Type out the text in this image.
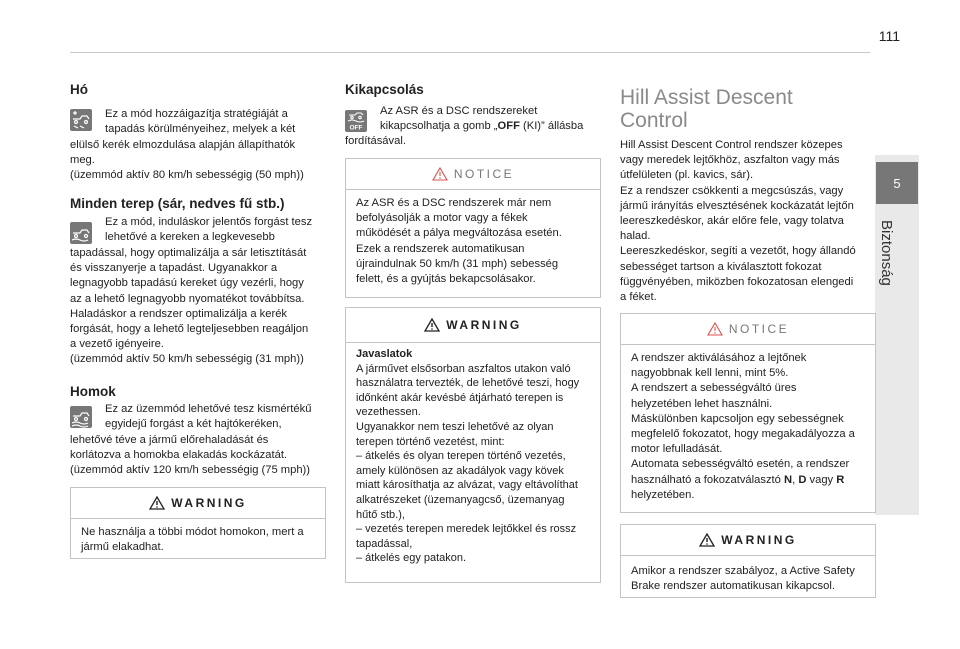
111
5
Biztonság
Hó

Ez a mód hozzáigazítja stratégiáját a

tapadás körülményeihez, melyek a két

elülső kerék elmozdulása alapján állapíthatók

meg.

(üzemmód aktív 80 km/h sebességig (50 mph))

Minden terep (sár, nedves fű stb.)

Ez a mód, induláskor jelentős forgást tesz

lehetővé a kereken a legkevesebb

tapadással, hogy optimalizálja a sár letisztítását

és visszanyerje a tapadást. Ugyanakkor a

legnagyobb tapadású kereket úgy vezérli, hogy

az a lehető legnagyobb nyomatékot továbbítsa.

Haladáskor a rendszer optimalizálja a kerék

forgását, hogy a lehető legteljesebben reagáljon

a vezető igényeire.

(üzemmód aktív 50 km/h sebességig (31 mph))

Homok

Ez az üzemmód lehetővé tesz kismértékű

egyidejű forgást a két hajtókeréken,

lehetővé téve a jármű előrehaladását és

korlátozva a homokba elakadás kockázatát.

(üzemmód aktív 120 km/h sebességig (75 mph))

WARNING

Ne használja a többi módot homokon, mert a

jármű elakadhat.

Kikapcsolás
OFF

Az ASR és a DSC rendszereket

kikapcsolhatja a gomb „OFF (KI)” állásba

fordításával.

NOTICE

Az ASR és a DSC rendszerek már nem

befolyásolják a motor vagy a fékek

működését a pálya megváltozása esetén.

Ezek a rendszerek automatikusan

újraindulnak 50 km/h (31 mph) sebesség

felett, és a gyújtás bekapcsolásakor.

WARNING

Javaslatok

A járművet elsősorban aszfaltos utakon való

használatra tervezték, de lehetővé teszi, hogy

időnként akár kevésbé átjárható terepen is

vezethessen.

Ugyanakkor nem teszi lehetővé az olyan

terepen történő vezetést, mint:

– átkelés és olyan terepen történő vezetés,

amely különösen az akadályok vagy kövek

miatt károsíthatja az alvázat, vagy eltávolíthat

alkatrészeket (üzemanyagcső, üzemanyag

hűtő stb.),

– vezetés terepen meredek lejtőkkel és rossz

tapadással,

– átkelés egy patakon.

Hill Assist Descent

Control

Hill Assist Descent Control rendszer közepes

vagy meredek lejtőkhöz, aszfalton vagy más

útfelületen (pl. kavics, sár).

Ez a rendszer csökkenti a megcsúszás, vagy

jármű irányítás elvesztésének kockázatát lejtőn

leereszkedéskor, akár előre fele, vagy tolatva

halad.

Leereszkedéskor, segíti a vezetőt, hogy állandó

sebességet tartson a kiválasztott fokozat

függvényében, miközben fokozatosan elengedi

a féket.

NOTICE

A rendszer aktiválásához a lejtőnek

nagyobbnak kell lenni, mint 5%.

A rendszert a sebességváltó üres

helyzetében lehet használni.

Máskülönben kapcsoljon egy sebességnek

megfelelő fokozatot, hogy megakadályozza a

motor lefulladását.

Automata sebességváltó esetén, a rendszer

használható a fokozatválasztó N, D vagy R

helyzetében.

WARNING

Amikor a rendszer szabályoz, a Active Safety

Brake rendszer automatikusan kikapcsol.
